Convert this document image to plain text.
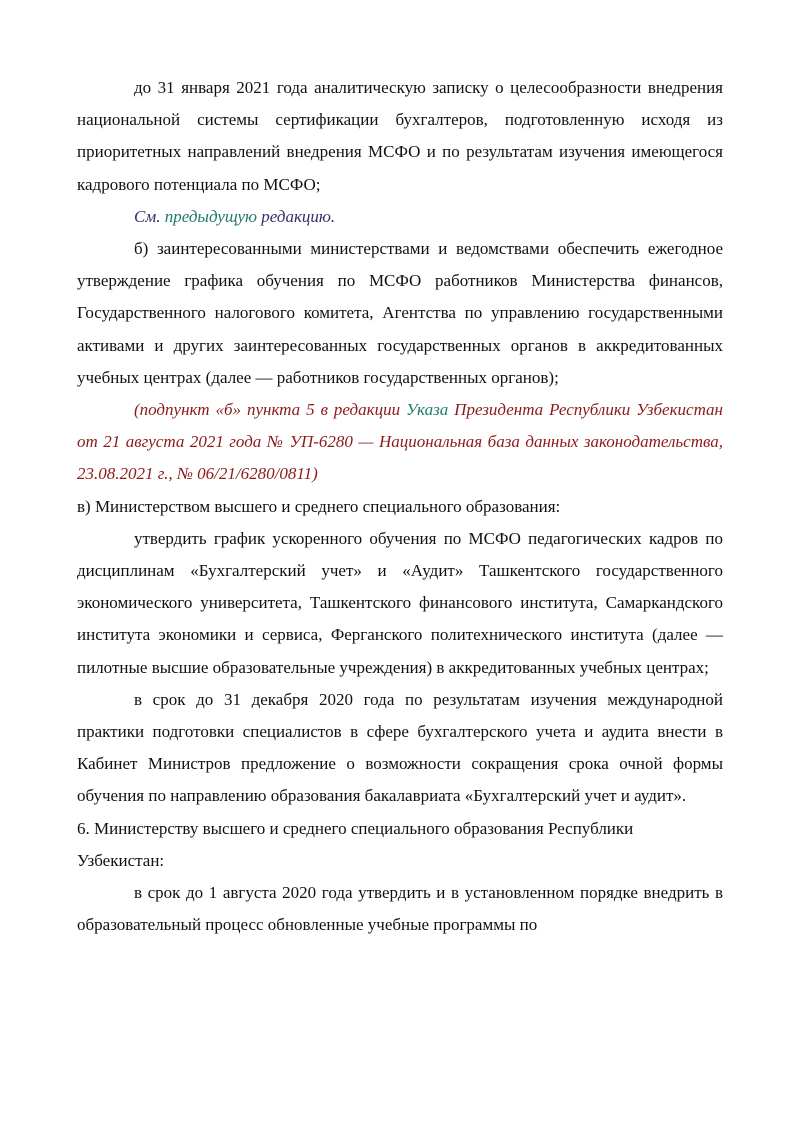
до 31 января 2021 года аналитическую записку о целесообразности внедрения национальной системы сертификации бухгалтеров, подготовленную исходя из приоритетных направлений внедрения МСФО и по результатам изучения имеющегося кадрового потенциала по МСФО;

См. предыдущую редакцию.

б) заинтересованными министерствами и ведомствами обеспечить ежегодное утверждение графика обучения по МСФО работников Министерства финансов, Государственного налогового комитета, Агентства по управлению государственными активами и других заинтересованных государственных органов в аккредитованных учебных центрах (далее — работников государственных органов);

(подпункт «б» пункта 5 в редакции Указа Президента Республики Узбекистан от 21 августа 2021 года № УП-6280 — Национальная база данных законодательства, 23.08.2021 г., № 06/21/6280/0811)

в) Министерством высшего и среднего специального образования:

утвердить график ускоренного обучения по МСФО педагогических кадров по дисциплинам «Бухгалтерский учет» и «Аудит» Ташкентского государственного экономического университета, Ташкентского финансового института, Самаркандского института экономики и сервиса, Ферганского политехнического института (далее — пилотные высшие образовательные учреждения) в аккредитованных учебных центрах;

в срок до 31 декабря 2020 года по результатам изучения международной практики подготовки специалистов в сфере бухгалтерского учета и аудита внести в Кабинет Министров предложение о возможности сокращения срока очной формы обучения по направлению образования бакалавриата «Бухгалтерский учет и аудит».

6. Министерству высшего и среднего специального образования Республики Узбекистан:

в срок до 1 августа 2020 года утвердить и в установленном порядке внедрить в образовательный процесс обновленные учебные программы по
